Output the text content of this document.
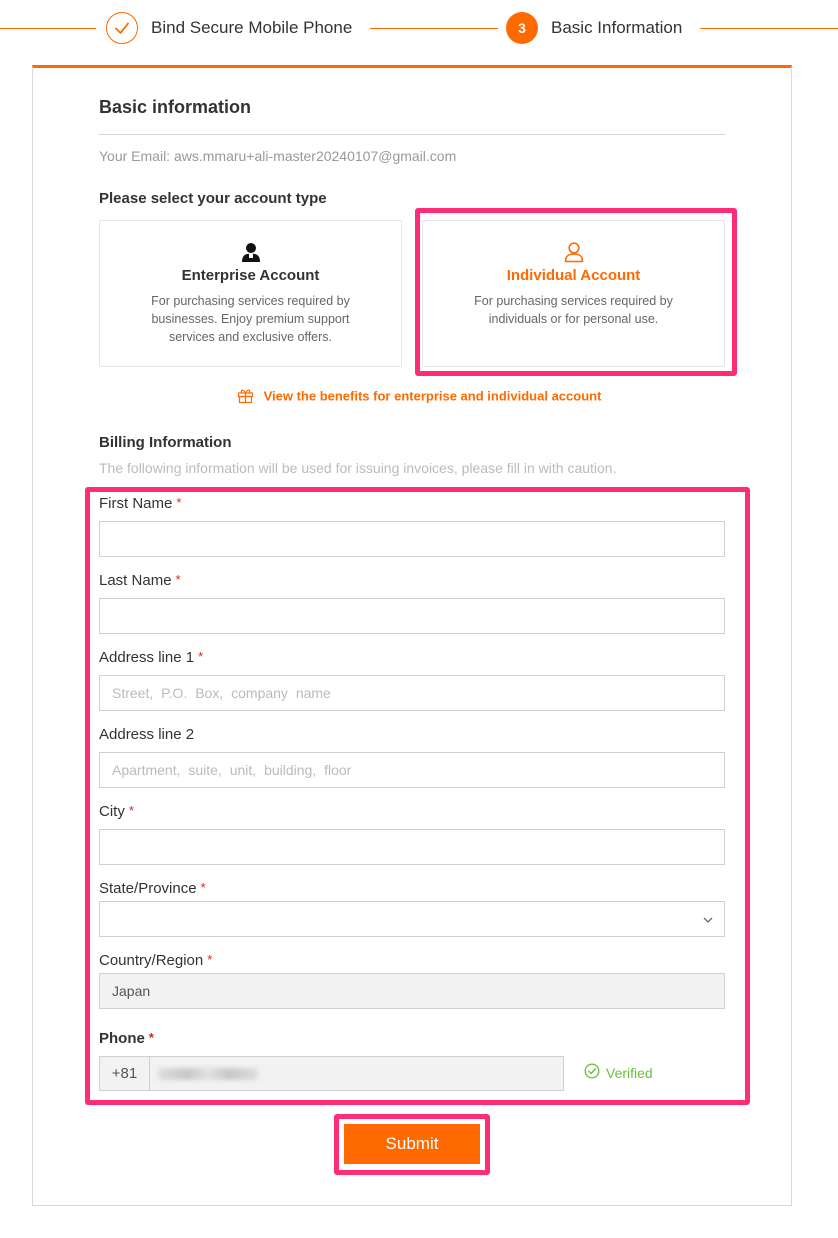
Bind Secure Mobile Phone	3	Basic Information
Basic information
Your Email: aws.mmaru+ali-master20240107@gmail.com
Please select your account type
Enterprise Account
For purchasing services required by businesses. Enjoy premium support services and exclusive offers.
Individual Account
For purchasing services required by individuals or for personal use.
View the benefits for enterprise and individual account
Billing Information
The following information will be used for issuing invoices, please fill in with caution.
First Name *
Last Name *
Address line 1 *
Street, P.O. Box, company name
Address line 2
Apartment, suite, unit, building, floor
City *
State/Province *
Country/Region *
Japan
Phone *
+81	Verified
Submit
